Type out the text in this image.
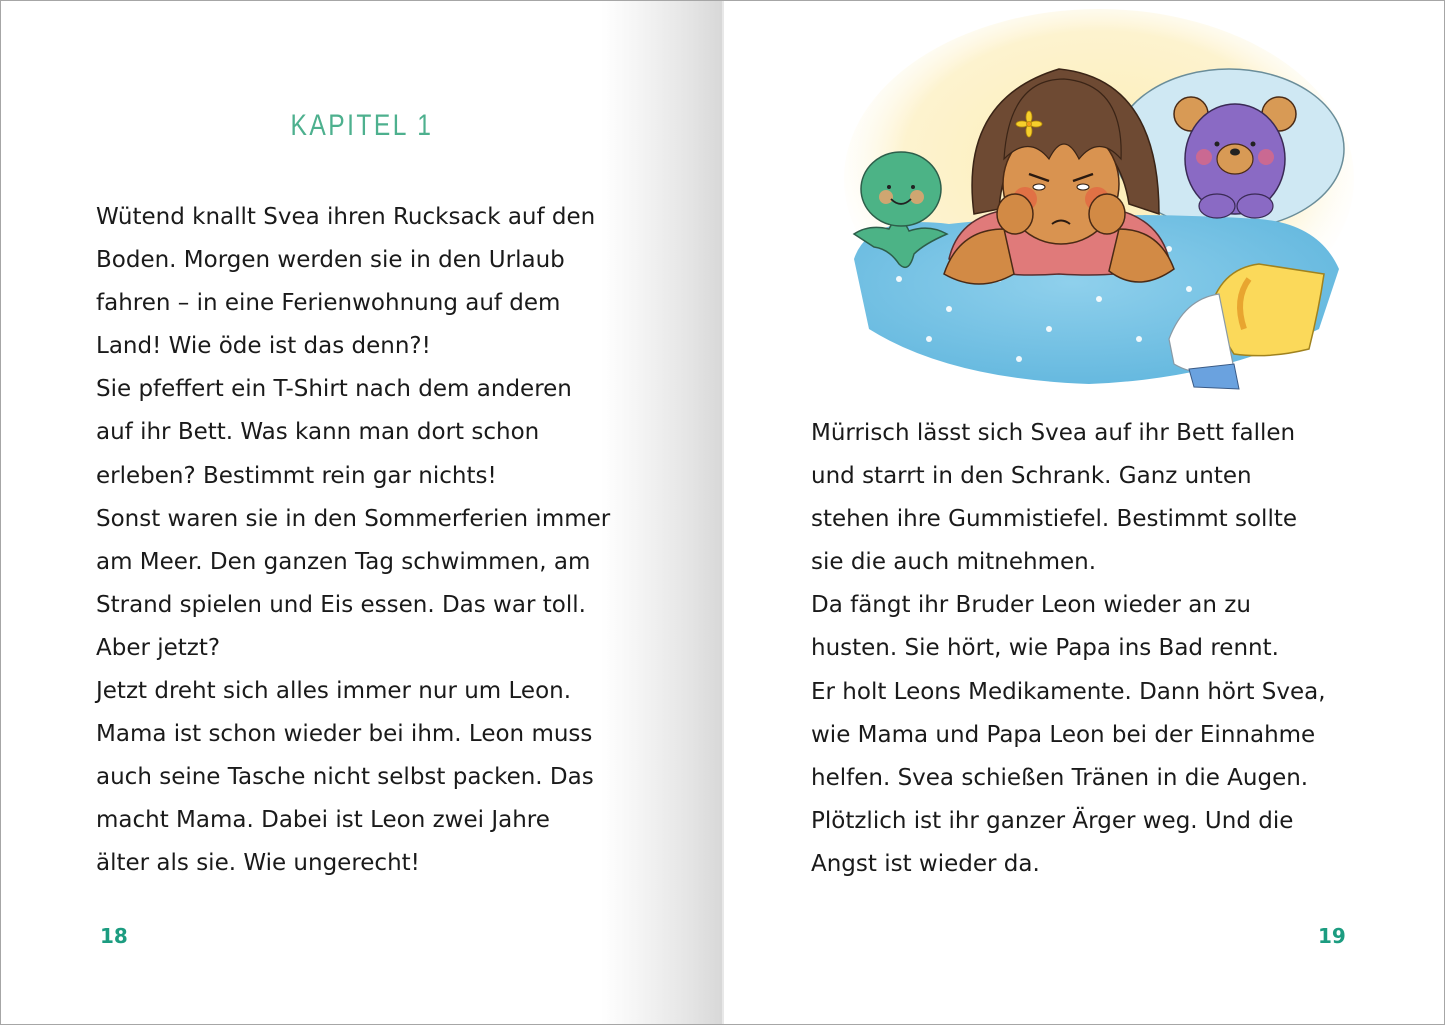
KAPITEL 1
Wütend knallt Svea ihren Rucksack auf den
Boden. Morgen werden sie in den Urlaub
fahren – in eine Ferienwohnung auf dem
Land! Wie öde ist das denn?!
Sie pfeffert ein T-Shirt nach dem anderen
auf ihr Bett. Was kann man dort schon
erleben? Bestimmt rein gar nichts!
Sonst waren sie in den Sommerferien immer
am Meer. Den ganzen Tag schwimmen, am
Strand spielen und Eis essen. Das war toll.
Aber jetzt?
Jetzt dreht sich alles immer nur um Leon.
Mama ist schon wieder bei ihm. Leon muss
auch seine Tasche nicht selbst packen. Das
macht Mama. Dabei ist Leon zwei Jahre
älter als sie. Wie ungerecht!
18
Mürrisch lässt sich Svea auf ihr Bett fallen
und starrt in den Schrank. Ganz unten
stehen ihre Gummistiefel. Bestimmt sollte
sie die auch mitnehmen.
Da fängt ihr Bruder Leon wieder an zu
husten. Sie hört, wie Papa ins Bad rennt.
Er holt Leons Medikamente. Dann hört Svea,
wie Mama und Papa Leon bei der Einnahme
helfen. Svea schießen Tränen in die Augen.
Plötzlich ist ihr ganzer Ärger weg. Und die
Angst ist wieder da.
19
